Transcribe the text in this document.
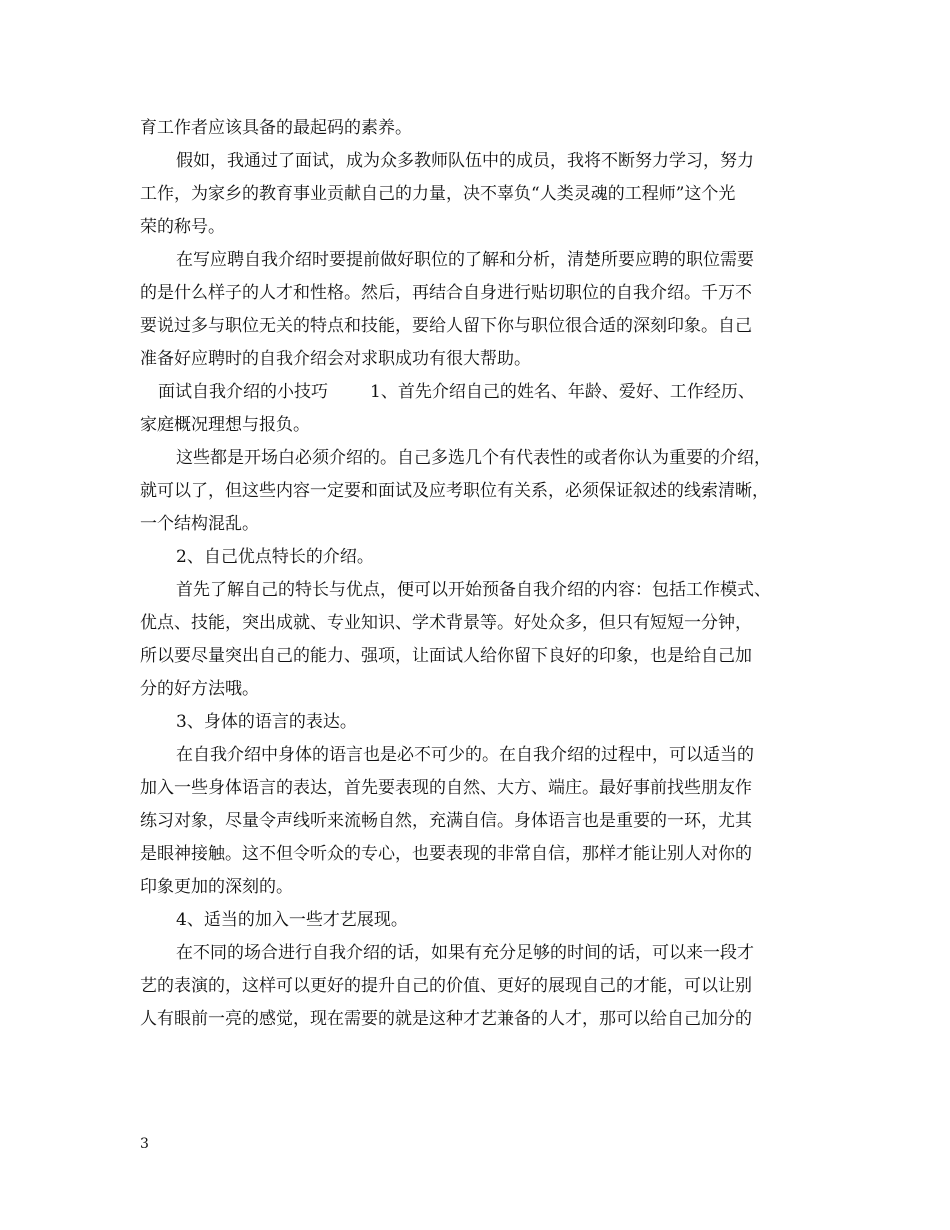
育工作者应该具备的最起码的素养。
假如，我通过了面试，成为众多教师队伍中的成员，我将不断努力学习，努力
工作，为家乡的教育事业贡献自己的力量，决不辜负“人类灵魂的工程师”这个光
荣的称号。
在写应聘自我介绍时要提前做好职位的了解和分析，清楚所要应聘的职位需要
的是什么样子的人才和性格。然后，再结合自身进行贴切职位的自我介绍。千万不
要说过多与职位无关的特点和技能，要给人留下你与职位很合适的深刻印象。自己
准备好应聘时的自我介绍会对求职成功有很大帮助。
面试自我介绍的小技巧 1、首先介绍自己的姓名、年龄、爱好、工作经历、
家庭概况理想与报负。
这些都是开场白必须介绍的。自己多选几个有代表性的或者你认为重要的介绍，
就可以了，但这些内容一定要和面试及应考职位有关系，必须保证叙述的线索清晰，
一个结构混乱。
2、自己优点特长的介绍。
首先了解自己的特长与优点，便可以开始预备自我介绍的内容：包括工作模式、
优点、技能，突出成就、专业知识、学术背景等。好处众多，但只有短短一分钟，
所以要尽量突出自己的能力、强项，让面试人给你留下良好的印象，也是给自己加
分的好方法哦。
3、身体的语言的表达。
在自我介绍中身体的语言也是必不可少的。在自我介绍的过程中，可以适当的
加入一些身体语言的表达，首先要表现的自然、大方、端庄。最好事前找些朋友作
练习对象，尽量令声线听来流畅自然，充满自信。身体语言也是重要的一环，尤其
是眼神接触。这不但令听众的专心，也要表现的非常自信，那样才能让别人对你的
印象更加的深刻的。
4、适当的加入一些才艺展现。
在不同的场合进行自我介绍的话，如果有充分足够的时间的话，可以来一段才
艺的表演的，这样可以更好的提升自己的价值、更好的展现自己的才能，可以让别
人有眼前一亮的感觉，现在需要的就是这种才艺兼备的人才，那可以给自己加分的
3
